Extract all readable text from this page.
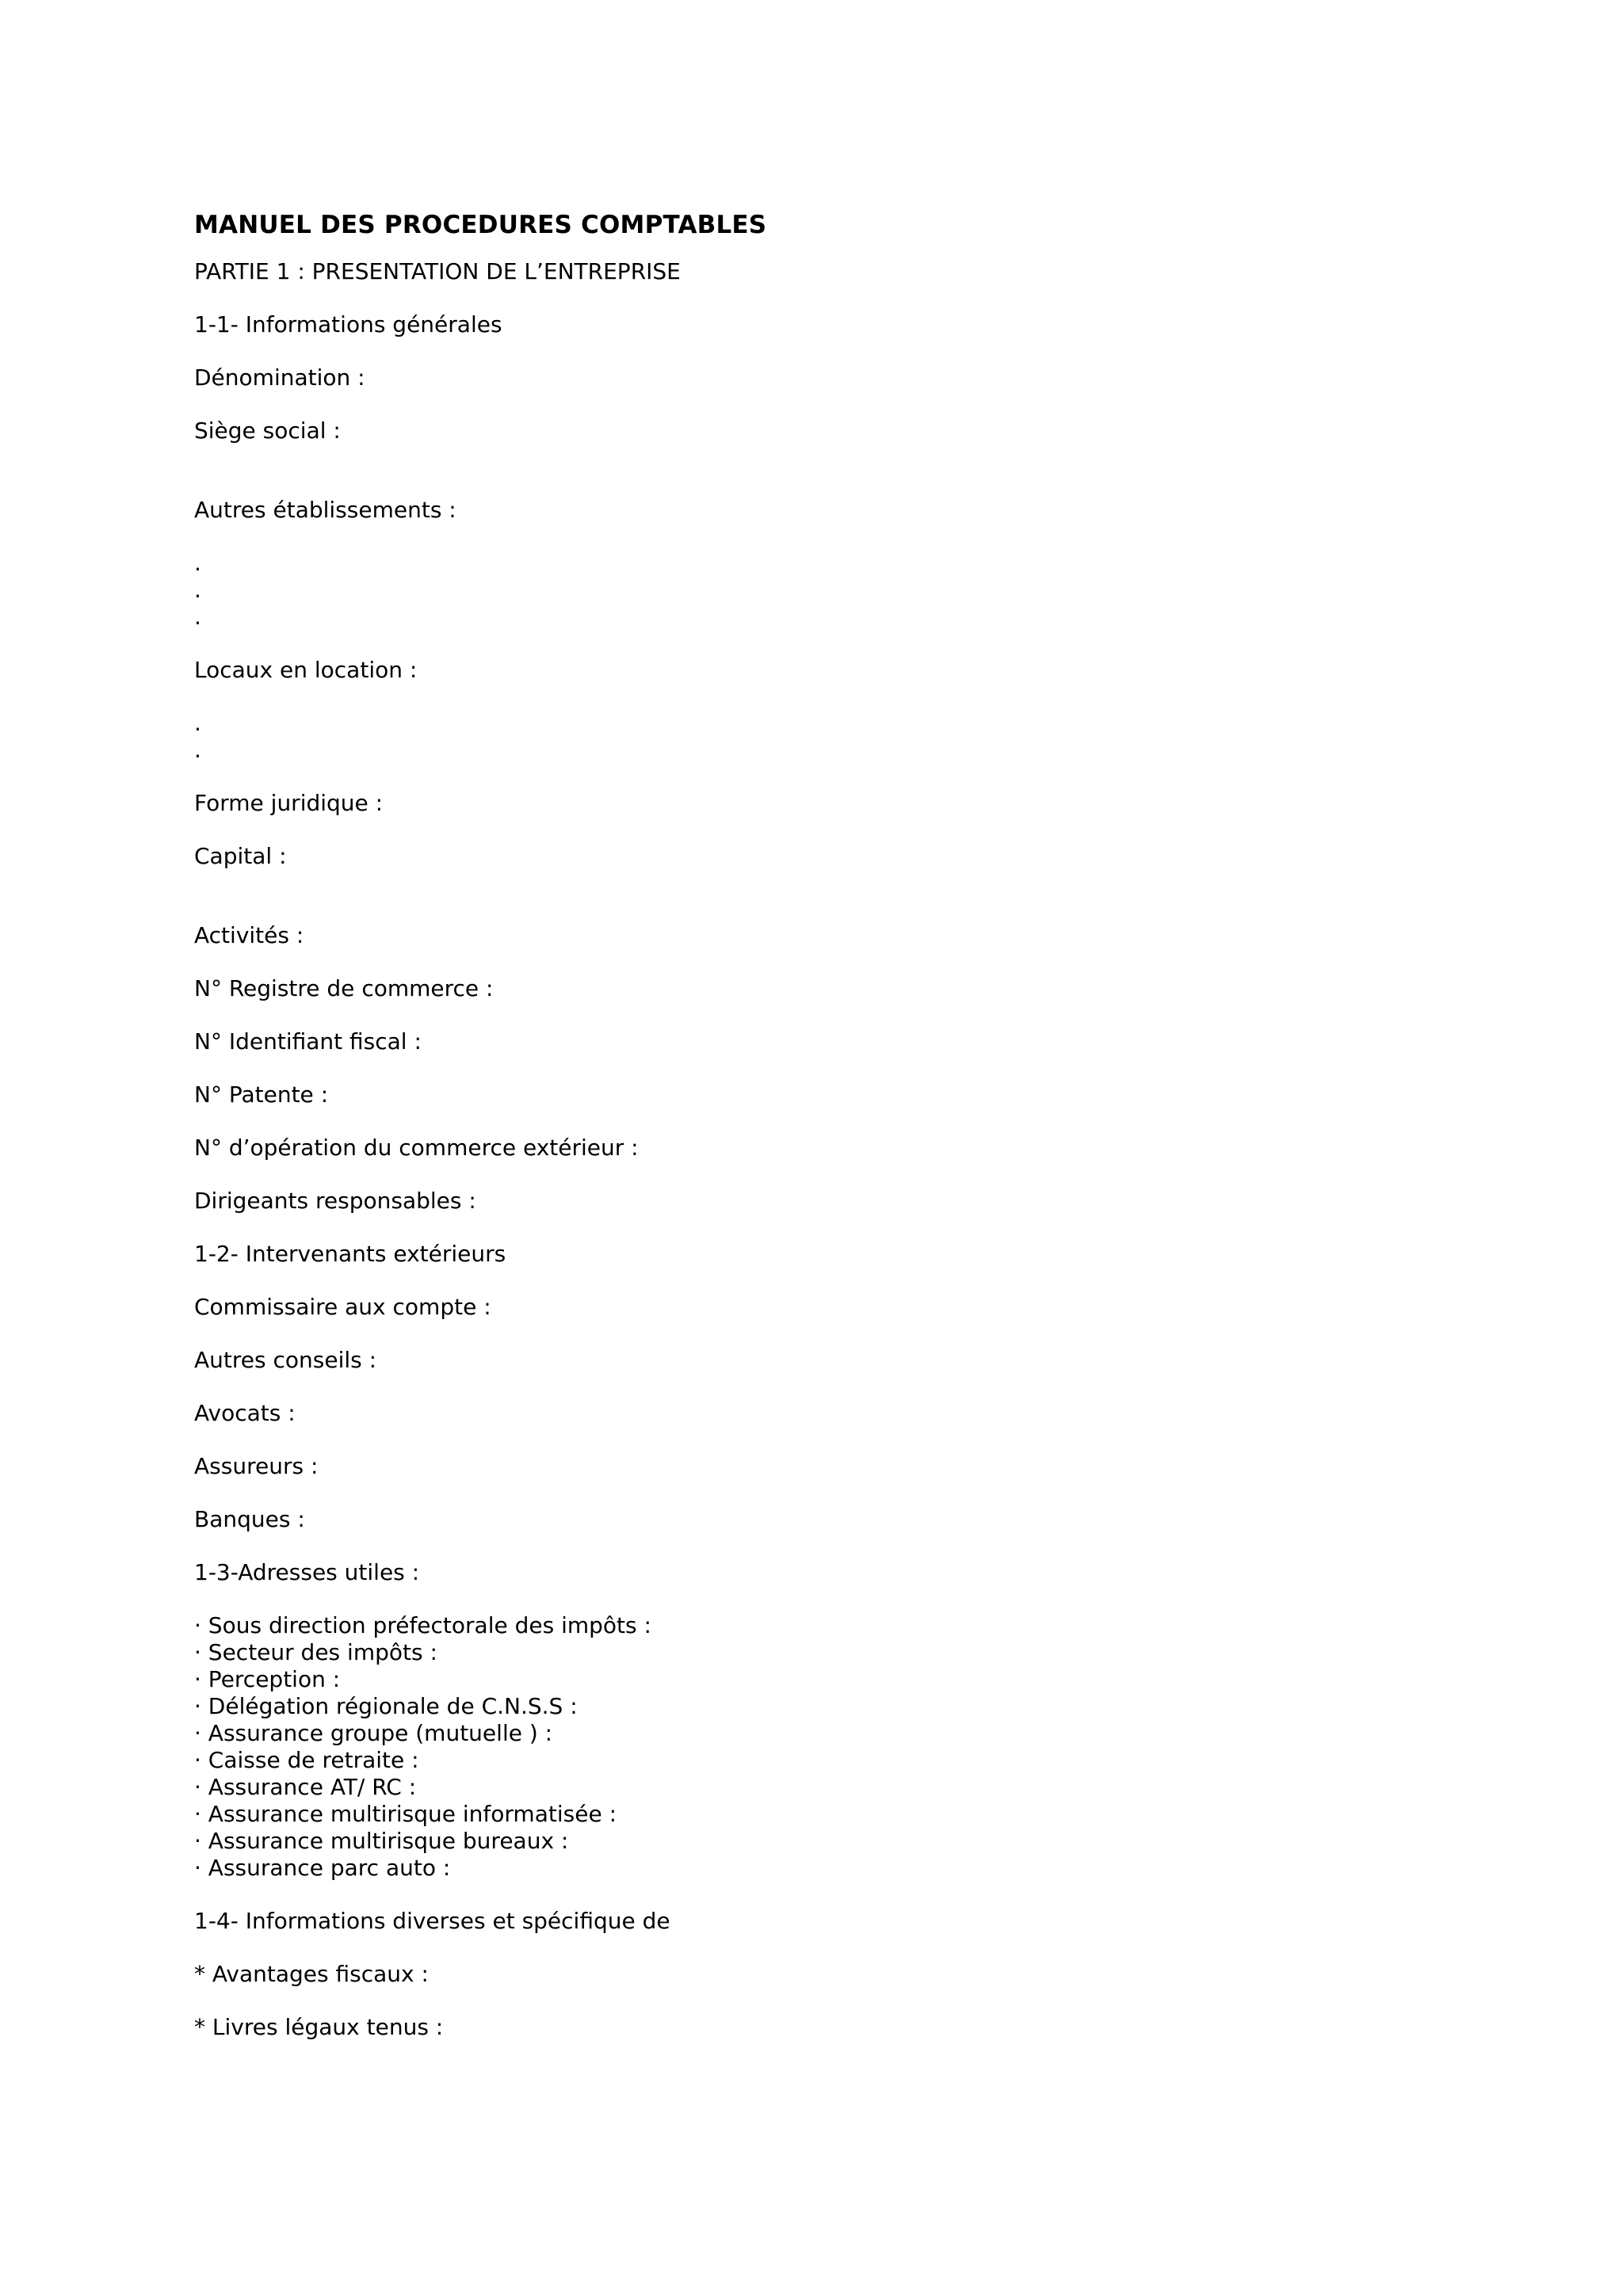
MANUEL DES PROCEDURES COMPTABLES
PARTIE 1 : PRESENTATION DE L’ENTREPRISE
1-1- Informations générales
Dénomination :
Siège social :
Autres établissements :
.
.
.
Locaux en location :
.
.
Forme juridique :
Capital :
Activités :
N° Registre de commerce :
N° Identifiant fiscal :
N° Patente :
N° d’opération du commerce extérieur :
Dirigeants responsables :
1-2- Intervenants extérieurs
Commissaire aux compte :
Autres conseils :
Avocats :
Assureurs :
Banques :
1-3-Adresses utiles :
· Sous direction préfectorale des impôts :
· Secteur des impôts :
· Perception :
· Délégation régionale de C.N.S.S :
· Assurance groupe (mutuelle ) :
· Caisse de retraite :
· Assurance AT/ RC :
· Assurance multirisque informatisée :
· Assurance multirisque bureaux :
· Assurance parc auto :
1-4- Informations diverses et spécifique de
* Avantages fiscaux :
* Livres légaux tenus :
